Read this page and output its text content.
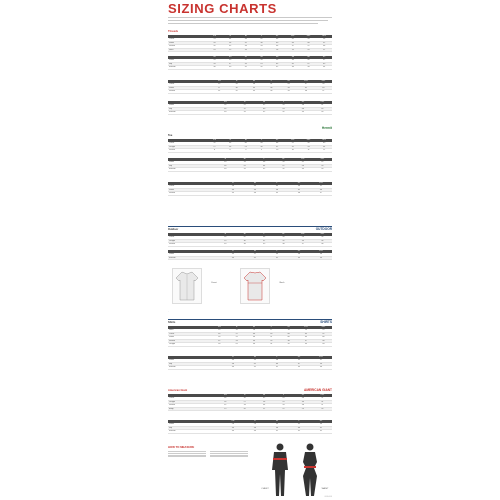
SIZING CHARTS
Threads
XS	S	M	L	XL	2XL	3XL	4XL
Chest	31	34	38	42	46	50	54	58
Waist	26	28	32	36	40	44	48	52
Sleeve	32	33	34	35	36	37	37	38
Neck	14	15	16	17	18	19	20	21
28	30	32	34	36	38	40	42
Waist	28	30	32	34	36	38	40	42
Hip	35	37	39	41	43	45	47	49
Inseam	30	30	32	32	32	34	34	34
XS	S	M	L	XL	2XL	3XL
Chest	32	35	38	41	44	47	50
Waist	27	30	33	36	39	42	45
Sleeve	31	32	33	34	35	36	37
XS	S	M	L	XL	2XL
Waist	26	29	32	35	38	41
Hip	34	37	40	43	46	49
Inseam	30	31	32	32	33	33
Hermit
Tee
XS	S	M	L	XL	2XL	3XL	4XL
Chest	32	36	40	44	48	52	56	60
Length	27	28	29	30	31	32	33	34
Sleeve	8	8	9	9	10	10	11	11
S	M	L	XL	2XL	3XL
Waist	30	33	36	39	42	45
Hip	38	41	44	47	50	53
Inseam	30	31	32	32	33	33
S	M	L	XL	2XL
Chest	36	40	44	48	52
Waist	30	34	38	42	46
Sleeve	33	34	35	36	37
·
Outdoor	OUTDOOR
S	M	L	XL	2XL	3XL
Chest	38	42	46	50	54	58
Length	29	30	31	32	33	34
Sleeve	33	34	35	36	37	38
S	M	L	XL	2XL
Waist	30	32	34	36	38
Inseam	30	31	32	33	34
Front	Back
·
Shirts	SHIRTS
XS	S	M	L	XL	2XL	3XL
Neck	14	15	16	17	18	19	20
Chest	34	37	40	43	46	49	52
Waist	28	31	34	37	40	43	46
Sleeve	32	33	34	35	36	37	38
Length	28	29	30	31	32	33	34
S	M	L	XL	2XL
Waist	30	33	36	39	42
Hip	38	41	44	47	50
Inseam	30	31	32	33	34
American Giant	AMERICAN GIANT
XS	S	M	L	XL	2XL
Chest	36	39	42	45	48	51
Length	26	27	28	29	30	31
Sleeve	32	33	34	35	36	37
Body	19	20	21	22	23	24
XS	S	M	L	XL
Waist	26	28	30	32	34
Hip	34	36	38	40	42
Inseam	30	30	31	31	32
HOW TO MEASURE
CHEST	WAIST
000-000
